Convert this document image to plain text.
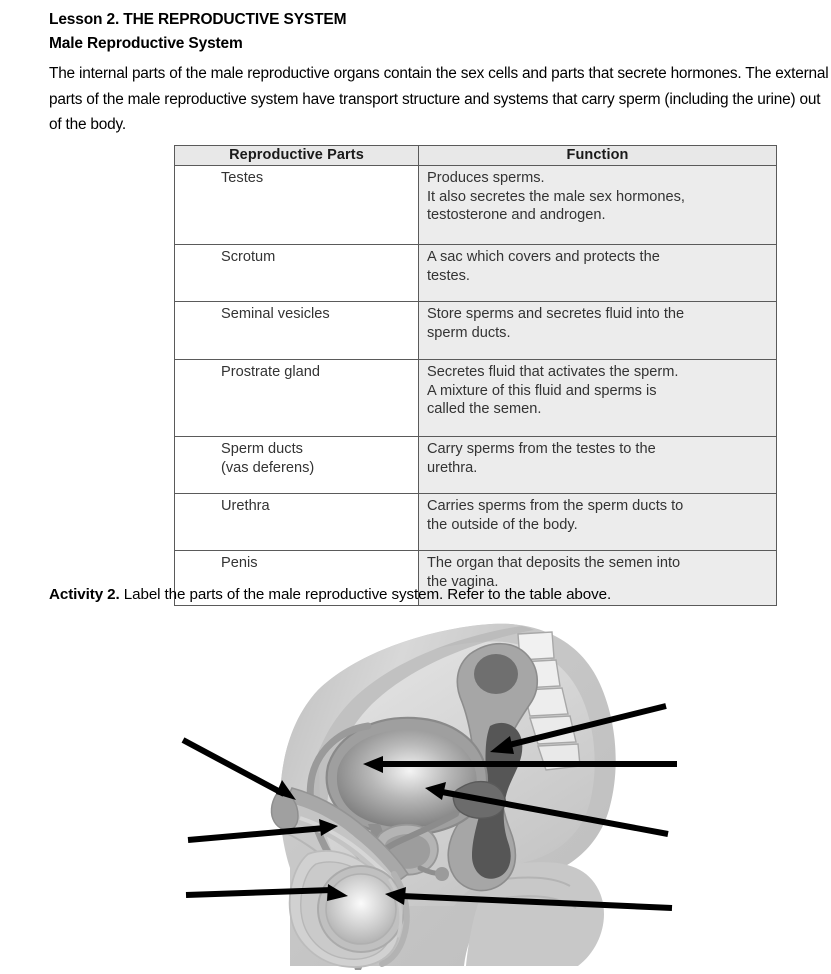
Lesson 2. THE REPRODUCTIVE SYSTEM
Male Reproductive System
The internal parts of the male reproductive organs contain the sex cells and parts that secrete hormones. The external parts of the male reproductive system have transport structure and systems that carry sperm (including the urine) out of the body.
Reproductive Parts	Function
Testes	Produces sperms.
It also secretes the male sex hormones,
testosterone and androgen.

Scrotum	A sac which covers and protects the
testes.

Seminal vesicles	Store sperms and secretes fluid into the
sperm ducts.

Prostrate gland	Secretes fluid that activates the sperm.
A mixture of this fluid and sperms is
called the semen.

Sperm ducts
(vas deferens)	Carry sperms from the testes to the
urethra.

Urethra	Carries sperms from the sperm ducts to
the outside of the body.

Penis	The organ that deposits the semen into
the vagina.
Activity 2. Label the parts of the male reproductive system. Refer to the table above.
